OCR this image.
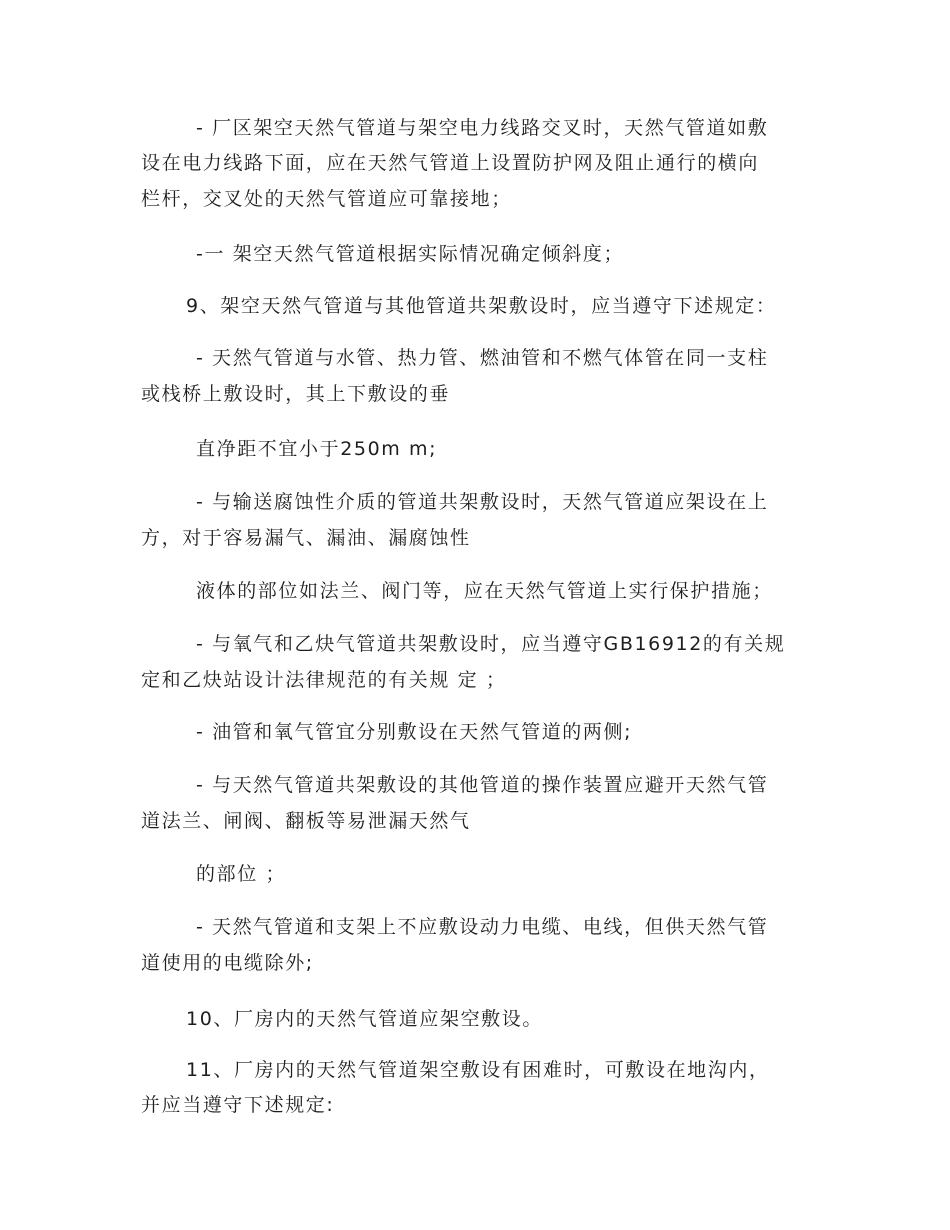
- 厂区架空天然气管道与架空电力线路交叉时，天然气管道如敷
设在电力线路下面，应在天然气管道上设置防护网及阻止通行的横向
栏杆，交叉处的天然气管道应可靠接地；
-一 架空天然气管道根据实际情况确定倾斜度；
9、架空天然气管道与其他管道共架敷设时，应当遵守下述规定：
- 天然气管道与水管、热力管、燃油管和不燃气体管在同一支柱
或栈桥上敷设时，其上下敷设的垂
直净距不宜小于250m m;
- 与输送腐蚀性介质的管道共架敷设时，天然气管道应架设在上
方，对于容易漏气、漏油、漏腐蚀性
液体的部位如法兰、阀门等，应在天然气管道上实行保护措施；
- 与氧气和乙炔气管道共架敷设时，应当遵守GB16912的有关规
定和乙炔站设计法律规范的有关规 定 ；
- 油管和氧气管宜分别敷设在天然气管道的两侧;
- 与天然气管道共架敷设的其他管道的操作装置应避开天然气管
道法兰、闸阀、翻板等易泄漏天然气
的部位 ；
- 天然气管道和支架上不应敷设动力电缆、电线，但供天然气管
道使用的电缆除外;
10、厂房内的天然气管道应架空敷设。
11、厂房内的天然气管道架空敷设有困难时，可敷设在地沟内，
并应当遵守下述规定:
